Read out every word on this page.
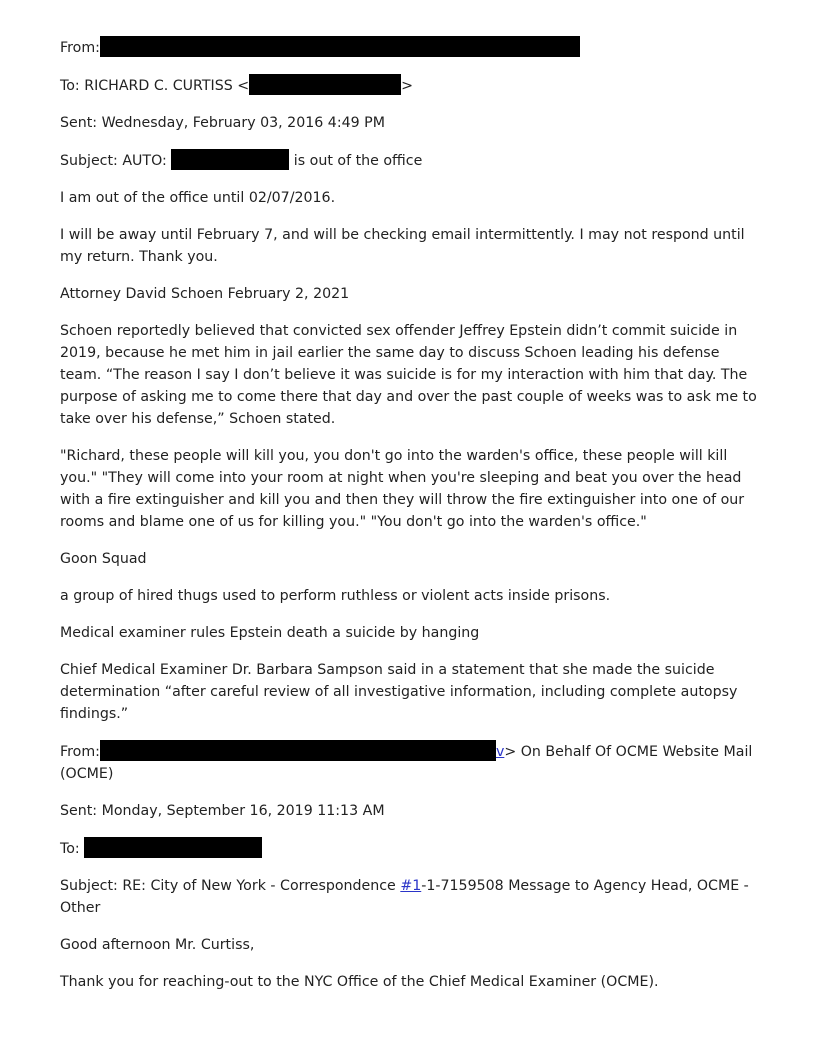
From:

To: RICHARD C. CURTISS <	>

Sent: Wednesday, February 03, 2016 4:49 PM

Subject: AUTO:	is out of the office

I am out of the office until 02/07/2016.

I will be away until February 7, and will be checking email intermittently. I may not respond until my return. Thank you.

Attorney David Schoen February 2, 2021

Schoen reportedly believed that convicted sex offender Jeffrey Epstein didn’t commit suicide in 2019, because he met him in jail earlier the same day to discuss Schoen leading his defense team. “The reason I say I don’t believe it was suicide is for my interaction with him that day. The purpose of asking me to come there that day and over the past couple of weeks was to ask me to take over his defense,” Schoen stated.

"Richard, these people will kill you, you don't go into the warden's office, these people will kill you." "They will come into your room at night when you're sleeping and beat you over the head with a fire extinguisher and kill you and then they will throw the fire extinguisher into one of our rooms and blame one of us for killing you." "You don't go into the warden's office."

Goon Squad

a group of hired thugs used to perform ruthless or violent acts inside prisons.

Medical examiner rules Epstein death a suicide by hanging

Chief Medical Examiner Dr. Barbara Sampson said in a statement that she made the suicide determination “after careful review of all investigative information, including complete autopsy findings.”

From:	v> On Behalf Of OCME Website Mail (OCME)

Sent: Monday, September 16, 2019 11:13 AM

To:

Subject: RE: City of New York - Correspondence #1-1-7159508 Message to Agency Head, OCME - Other

Good afternoon Mr. Curtiss,

Thank you for reaching-out to the NYC Office of the Chief Medical Examiner (OCME).
